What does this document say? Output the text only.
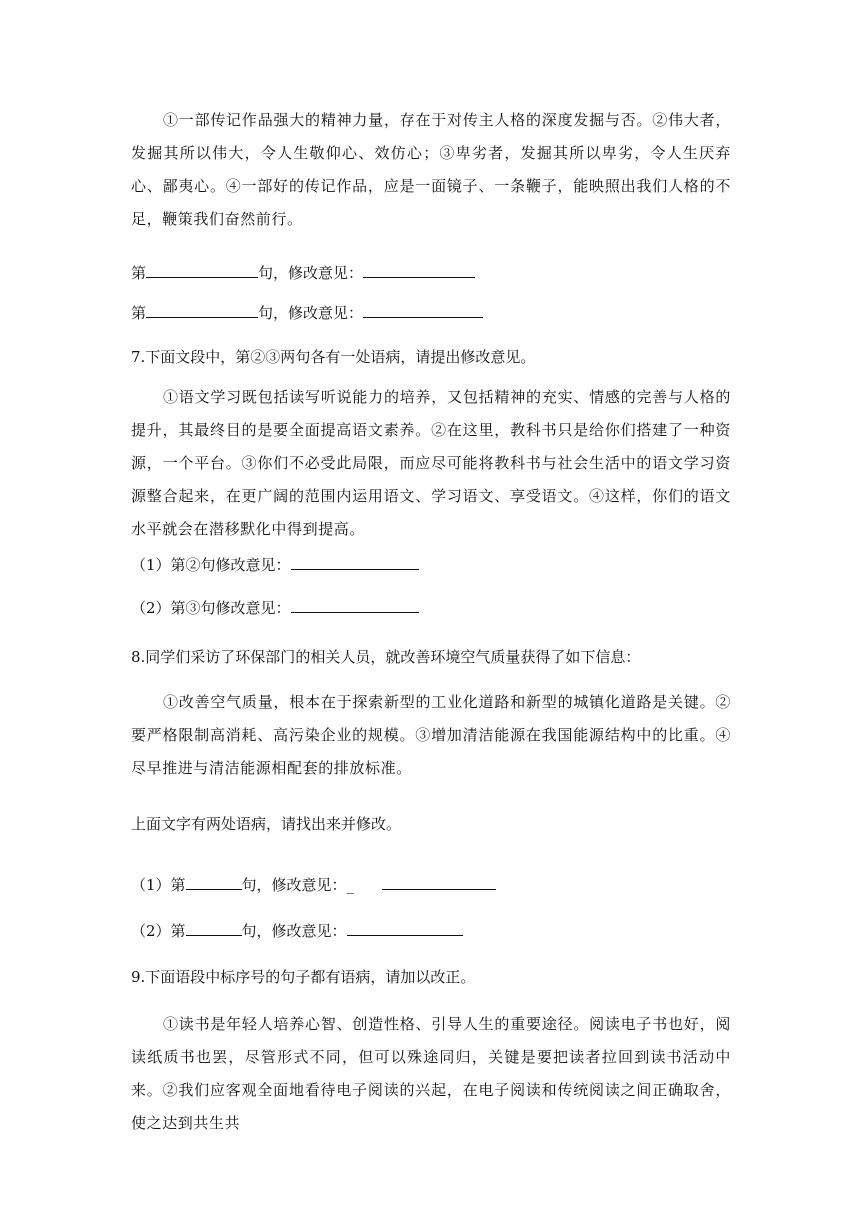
①一部传记作品强大的精神力量，存在于对传主人格的深度发掘与否。②伟大者，发掘其所以伟大，令人生敬仰心、效仿心；③卑劣者，发掘其所以卑劣，令人生厌弃心、鄙夷心。④一部好的传记作品，应是一面镜子、一条鞭子，能映照出我们人格的不足，鞭策我们奋然前行。

第	句，修改意见：

第	句，修改意见：

7.下面文段中，第②③两句各有一处语病，请提出修改意见。

①语文学习既包括读写听说能力的培养，又包括精神的充实、情感的完善与人格的提升，其最终目的是要全面提高语文素养。②在这里，教科书只是给你们搭建了一种资源，一个平台。③你们不必受此局限，而应尽可能将教科书与社会生活中的语文学习资源整合起来，在更广阔的范围内运用语文、学习语文、享受语文。④这样，你们的语文水平就会在潜移默化中得到提高。

（1）第②句修改意见：

（2）第③句修改意见：

8.同学们采访了环保部门的相关人员，就改善环境空气质量获得了如下信息：

①改善空气质量，根本在于探索新型的工业化道路和新型的城镇化道路是关键。②要严格限制高消耗、高污染企业的规模。③增加清洁能源在我国能源结构中的比重。④尽早推进与清洁能源相配套的排放标准。

上面文字有两处语病，请找出来并修改。

（1）第	句，修改意见：_

（2）第	句，修改意见：

9.下面语段中标序号的句子都有语病，请加以改正。

①读书是年轻人培养心智、创造性格、引导人生的重要途径。阅读电子书也好，阅读纸质书也罢，尽管形式不同，但可以殊途同归，关键是要把读者拉回到读书活动中来。②我们应客观全面地看待电子阅读的兴起，在电子阅读和传统阅读之间正确取舍，使之达到共生共
